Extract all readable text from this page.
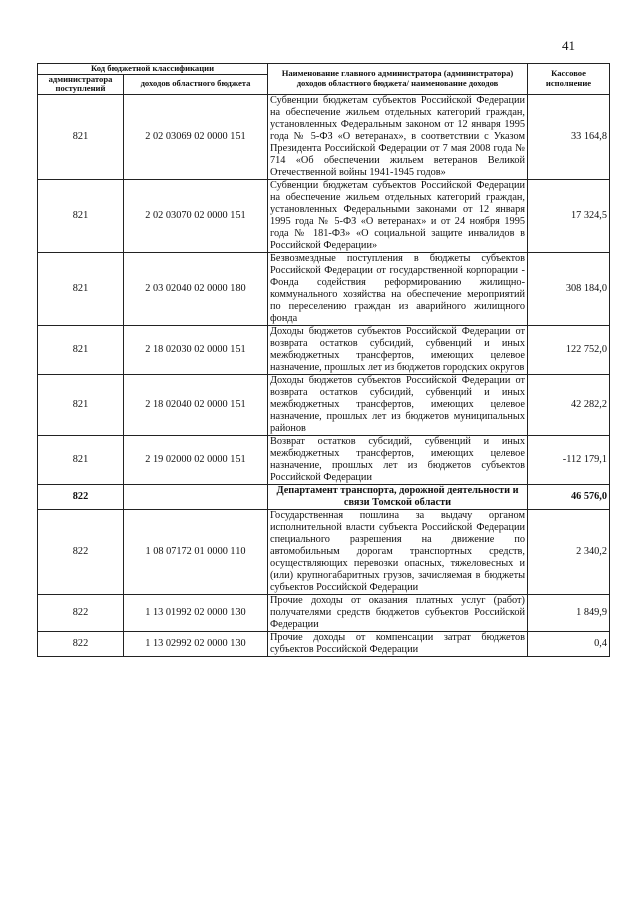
41
Код бюджетной классификации		Наименование главного администратора (администратора) доходов областного бюджета/ наименование доходов	Кассовое исполнение
администратора поступлений	доходов областного бюджета		
821	2 02 03069 02 0000 151	Субвенции бюджетам субъектов Российской Федерации на обеспечение жильем отдельных категорий граждан, установленных Федеральным законом от 12 января 1995 года № 5-ФЗ «О ветеранах», в соответствии с Указом Президента Российской Федерации от 7 мая 2008 года № 714 «Об обеспечении жильем ветеранов Великой Отечественной войны 1941-1945 годов»	33 164,8
821	2 02 03070 02 0000 151	Субвенции бюджетам субъектов Российской Федерации на обеспечение жильем отдельных категорий граждан, установленных Федеральными законами от 12 января 1995 года № 5-ФЗ «О ветеранах» и от 24 ноября 1995 года № 181-ФЗ» «О социальной защите инвалидов в Российской Федерации»	17 324,5
821	2 03 02040 02 0000 180	Безвозмездные поступления в бюджеты субъектов Российской Федерации от государственной корпорации - Фонда содействия реформированию жилищно-коммунального хозяйства на обеспечение мероприятий по переселению граждан из аварийного жилищного фонда	308 184,0
821	2 18 02030 02 0000 151	Доходы бюджетов субъектов Российской Федерации от возврата остатков субсидий, субвенций и иных межбюджетных трансфертов, имеющих целевое назначение, прошлых лет из бюджетов городских округов	122 752,0
821	2 18 02040 02 0000 151	Доходы бюджетов субъектов Российской Федерации от возврата остатков субсидий, субвенций и иных межбюджетных трансфертов, имеющих целевое назначение, прошлых лет из бюджетов муниципальных районов	42 282,2
821	2 19 02000 02 0000 151	Возврат остатков субсидий, субвенций и иных межбюджетных трансфертов, имеющих целевое назначение, прошлых лет из бюджетов субъектов Российской Федерации	-112 179,1
822		Департамент транспорта, дорожной деятельности и связи Томской области	46 576,0
822	1 08 07172 01 0000 110	Государственная пошлина за выдачу органом исполнительной власти субъекта Российской Федерации специального разрешения на движение по автомобильным дорогам транспортных средств, осуществляющих перевозки опасных, тяжеловесных и (или) крупногабаритных грузов, зачисляемая в бюджеты субъектов Российской Федерации	2 340,2
822	1 13 01992 02 0000 130	Прочие доходы от оказания платных услуг (работ) получателями средств бюджетов субъектов Российской Федерации	1 849,9
822	1 13 02992 02 0000 130	Прочие доходы от компенсации затрат бюджетов субъектов Российской Федерации	0,4
